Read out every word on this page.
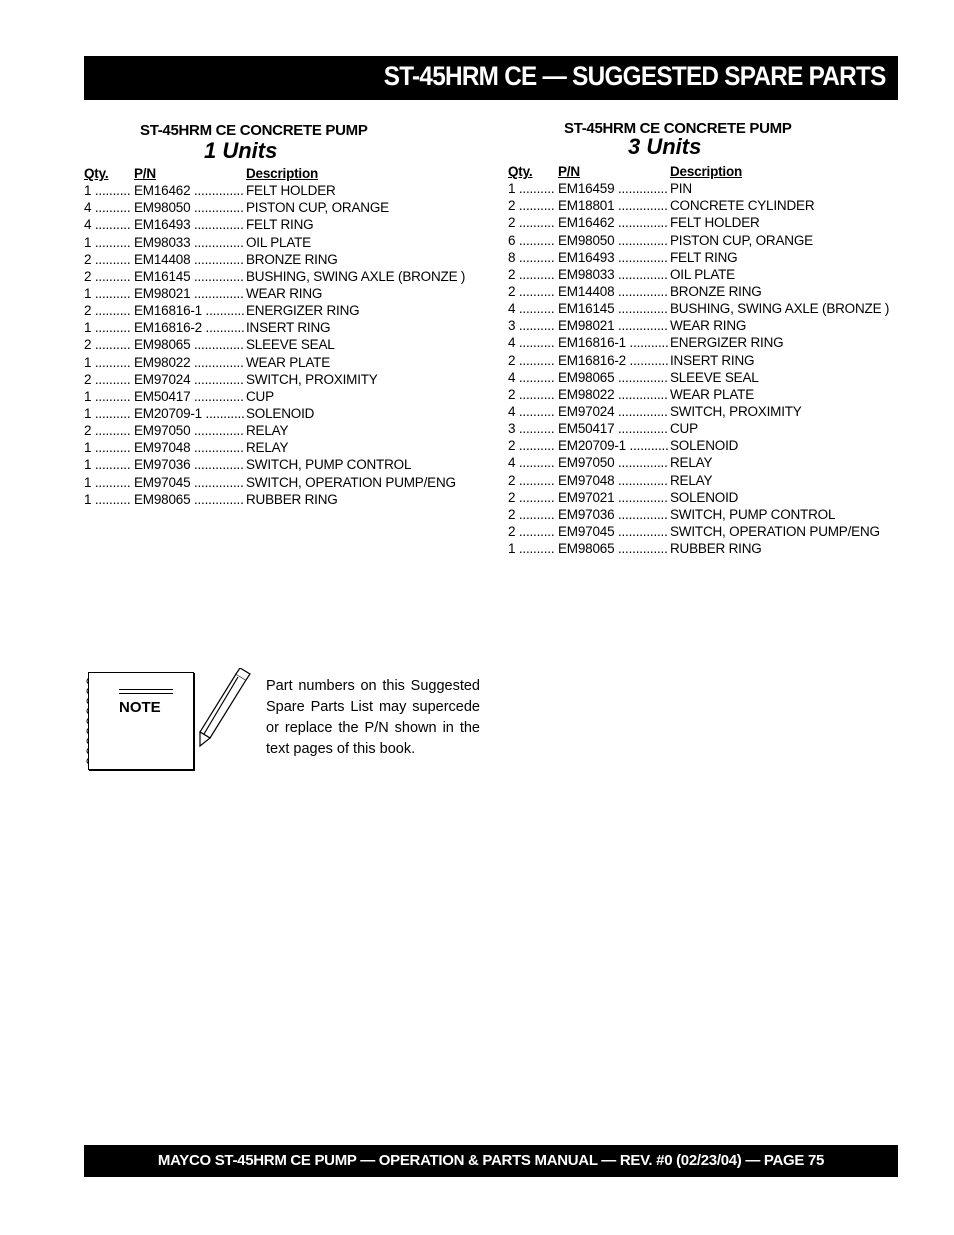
ST-45HRM CE — SUGGESTED SPARE PARTS
ST-45HRM CE CONCRETE PUMP
1 Units
Qty.	P/N	Description
1 .......... EM16462 .............. FELT HOLDER
4 .......... EM98050 .............. PISTON CUP, ORANGE
4 .......... EM16493 .............. FELT RING
1 .......... EM98033 .............. OIL PLATE
2 .......... EM14408 .............. BRONZE RING
2 .......... EM16145 .............. BUSHING, SWING AXLE (BRONZE )
1 .......... EM98021 .............. WEAR RING
2 .......... EM16816-1 ........... ENERGIZER RING
1 .......... EM16816-2 ........... INSERT RING
2 .......... EM98065 .............. SLEEVE SEAL
1 .......... EM98022 .............. WEAR PLATE
2 .......... EM97024 .............. SWITCH, PROXIMITY
1 .......... EM50417 .............. CUP
1 .......... EM20709-1 ........... SOLENOID
2 .......... EM97050 .............. RELAY
1 .......... EM97048 .............. RELAY
1 .......... EM97036 .............. SWITCH, PUMP CONTROL
1 .......... EM97045 .............. SWITCH, OPERATION PUMP/ENG
1 .......... EM98065 .............. RUBBER RING
ST-45HRM CE CONCRETE PUMP
3 Units
Qty.	P/N	Description
1 .......... EM16459 .............. PIN
2 .......... EM18801 .............. CONCRETE CYLINDER
2 .......... EM16462 .............. FELT HOLDER
6 .......... EM98050 .............. PISTON CUP, ORANGE
8 .......... EM16493 .............. FELT RING
2 .......... EM98033 .............. OIL PLATE
2 .......... EM14408 .............. BRONZE RING
4 .......... EM16145 .............. BUSHING, SWING AXLE (BRONZE )
3 .......... EM98021 .............. WEAR RING
4 .......... EM16816-1 ........... ENERGIZER RING
2 .......... EM16816-2 ........... INSERT RING
4 .......... EM98065 .............. SLEEVE SEAL
2 .......... EM98022 .............. WEAR PLATE
4 .......... EM97024 .............. SWITCH, PROXIMITY
3 .......... EM50417 .............. CUP
2 .......... EM20709-1 ........... SOLENOID
4 .......... EM97050 .............. RELAY
2 .......... EM97048 .............. RELAY
2 .......... EM97021 .............. SOLENOID
2 .......... EM97036 .............. SWITCH, PUMP CONTROL
2 .......... EM97045 .............. SWITCH, OPERATION PUMP/ENG
1 .......... EM98065 .............. RUBBER RING
NOTE
Part numbers on this Suggested Spare Parts List may supercede or replace the P/N shown in the text pages of this book.
MAYCO ST-45HRM CE PUMP — OPERATION & PARTS MANUAL — REV. #0 (02/23/04) — PAGE 75
